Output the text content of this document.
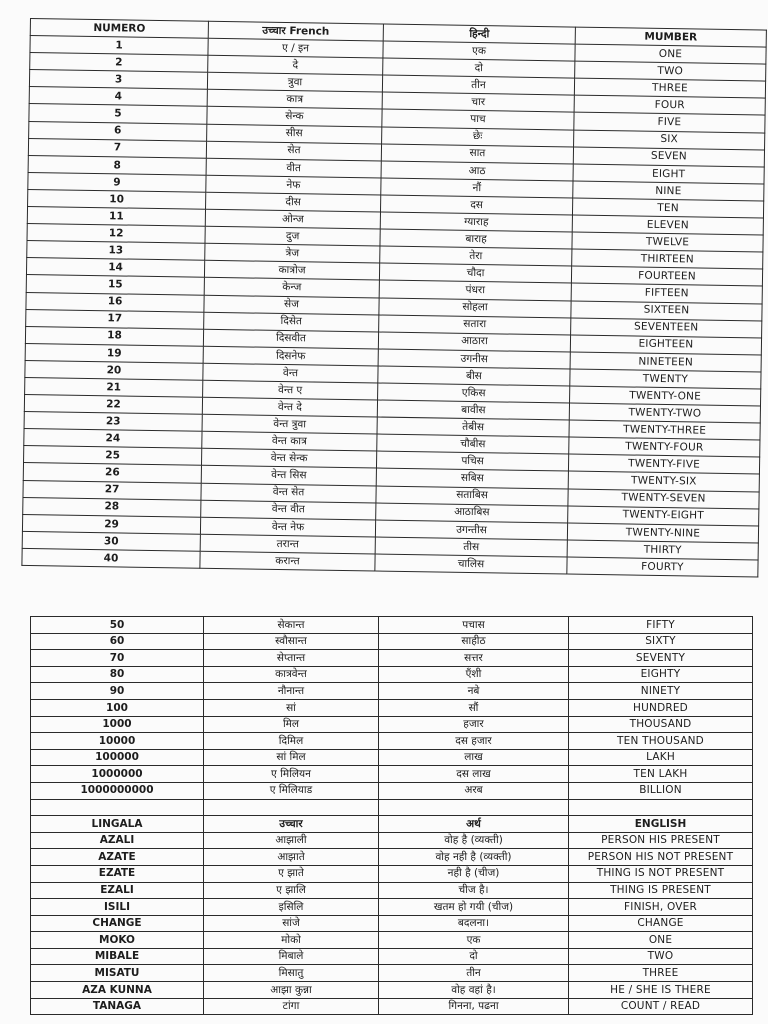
NUMERO	उच्चार French	हिन्दी	MUMBER
1	ए / इन	एक	ONE
2	दे	दो	TWO
3	त्रुवा	तीन	THREE
4	कात्र	चार	FOUR
5	सेन्क	पाच	FIVE
6	सीस	छेः	SIX
7	सेत	सात	SEVEN
8	वीत	आठ	EIGHT
9	नेफ	नौं	NINE
10	दीस	दस	TEN
11	ओन्ज	ग्याराह	ELEVEN
12	दुज	बाराह	TWELVE
13	त्रेज	तेरा	THIRTEEN
14	कात्रोज	चौदा	FOURTEEN
15	केन्ज	पंधरा	FIFTEEN
16	सेज	सोहला	SIXTEEN
17	दिसेत	सतारा	SEVENTEEN
18	दिसवीत	आठारा	EIGHTEEN
19	दिसनेफ	उगनीस	NINETEEN
20	वेन्त	बीस	TWENTY
21	वेन्त ए	एकिस	TWENTY-ONE
22	वेन्त दे	बावीस	TWENTY-TWO
23	वेन्त त्रुवा	तेबीस	TWENTY-THREE
24	वेन्त कात्र	चौबीस	TWENTY-FOUR
25	वेन्त सेन्क	पचिस	TWENTY-FIVE
26	वेन्त सिस	सबिस	TWENTY-SIX
27	वेन्त सेत	सताबिस	TWENTY-SEVEN
28	वेन्त वीत	आठाबिस	TWENTY-EIGHT
29	वेन्त नेफ	उगन्तीस	TWENTY-NINE
30	तरान्त	तीस	THIRTY
40	करान्त	चालिस	FOURTY
50	सेकान्त	पचास	FIFTY
60	स्वौसान्त	साहीठ	SIXTY
70	सेप्तान्त	सत्तर	SEVENTY
80	कात्रवेन्त	ऍंशी	EIGHTY
90	नौनान्त	नबे	NINETY
100	सां	सौं	HUNDRED
1000	मिल	हजार	THOUSAND
10000	दिमिल	दस हजार	TEN THOUSAND
100000	सां मिल	लाख	LAKH
1000000	ए मिलियन	दस लाख	TEN LAKH
1000000000	ए मिलियाड	अरब	BILLION

LINGALA	उच्चार	अर्थ	ENGLISH
AZALI	आझाली	वोह है (व्यक्ती)	PERSON HIS PRESENT
AZATE	आझाते	वोह नही है (व्यक्ती)	PERSON HIS NOT PRESENT
EZATE	ए झाते	नही है (चीज)	THING IS NOT PRESENT
EZALI	ए झालि	चीज है।	THING IS PRESENT
ISILI	इसिलि	खतम हो गयी (चीज)	FINISH, OVER
CHANGE	सांजे	बदलना।	CHANGE
MOKO	मोको	एक	ONE
MIBALE	मिबाले	दो	TWO
MISATU	मिसातु	तीन	THREE
AZA KUNNA	आझा कुन्ना	वोह वहां है।	HE / SHE IS THERE
TANAGA	टांगा	गिनना, पढना	COUNT / READ
